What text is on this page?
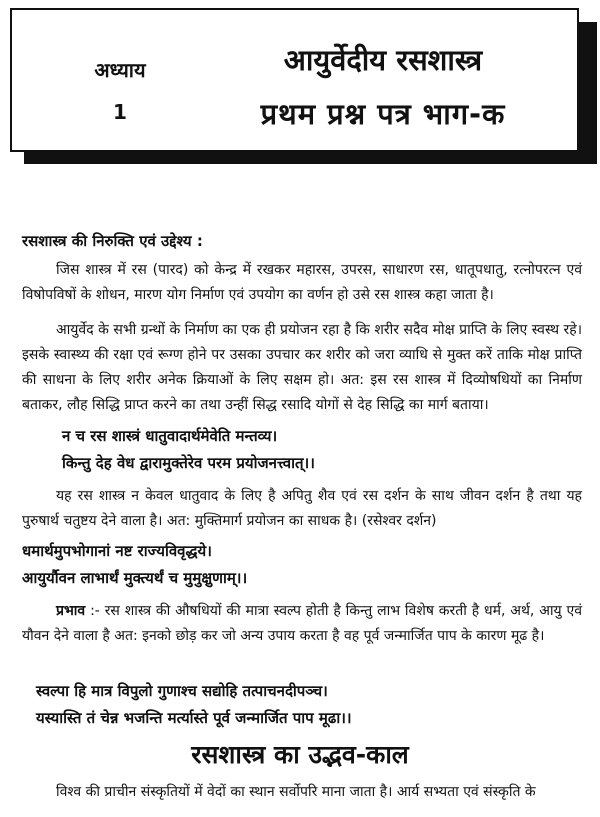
अध्याय
1
आयुर्वेदीय रसशास्त्र
प्रथम प्रश्न पत्र भाग-क
रसशास्त्र की निरुक्ति एवं उद्देश्य :

जिस शास्त्र में रस (पारद) को केन्द्र में रखकर महारस, उपरस, साधारण रस, धातूपधातु, रत्नोपरत्न एवं विषोपविषों के शोधन, मारण योग निर्माण एवं उपयोग का वर्णन हो उसे रस शास्त्र कहा जाता है।

आयुर्वेद के सभी ग्रन्थों के निर्माण का एक ही प्रयोजन रहा है कि शरीर सदैव मोक्ष प्राप्ति के लिए स्वस्थ रहे। इसके स्वास्थ्य की रक्षा एवं रूग्ण होने पर उसका उपचार कर शरीर को जरा व्याधि से मुक्त करें ताकि मोक्ष प्राप्ति की साधना के लिए शरीर अनेक क्रियाओं के लिए सक्षम हो। अत: इस रस शास्त्र में दिव्योषधियों का निर्माण बताकर, लौह सिद्धि प्राप्त करने का तथा उन्हीं सिद्ध रसादि योगों से देह सिद्धि का मार्ग बताया।

न च रस शास्त्रं धातुवादार्थमेवेति मन्तव्य।
किन्तु देह वेध द्वारामुक्तेरेव परम प्रयोजनत्त्वात्।।

यह रस शास्त्र न केवल धातुवाद के लिए है अपितु शैव एवं रस दर्शन के साथ जीवन दर्शन है तथा यह पुरुषार्थ चतुष्टय देने वाला है। अत: मुक्तिमार्ग प्रयोजन का साधक है। (रसेश्वर दर्शन)

धमार्थमुपभोगानां नष्ट राज्यविवृद्धये।
आयुर्यौवन लाभार्थं मुक्त्यर्थं च मुमुक्षुणाम्।।

प्रभाव :- रस शास्त्र की औषधियों की मात्रा स्वल्प होती है किन्तु लाभ विशेष करती है धर्म, अर्थ, आयु एवं यौवन देने वाला है अत: इनको छोड़ कर जो अन्य उपाय करता है वह पूर्व जन्मार्जित पाप के कारण मूढ है।

स्वल्पा हि मात्र विपुलो गुणाश्च सद्योहि तत्पाचनदीपञ्च।
यस्यास्ति तं चेन्न भजन्ति मर्त्यास्ते पूर्व जन्मार्जित पाप मूढा।।
रसशास्त्र का उद्भव-काल

विश्व की प्राचीन संस्कृतियों में वेदों का स्थान सर्वोपरि माना जाता है। आर्य सभ्यता एवं संस्कृति के
